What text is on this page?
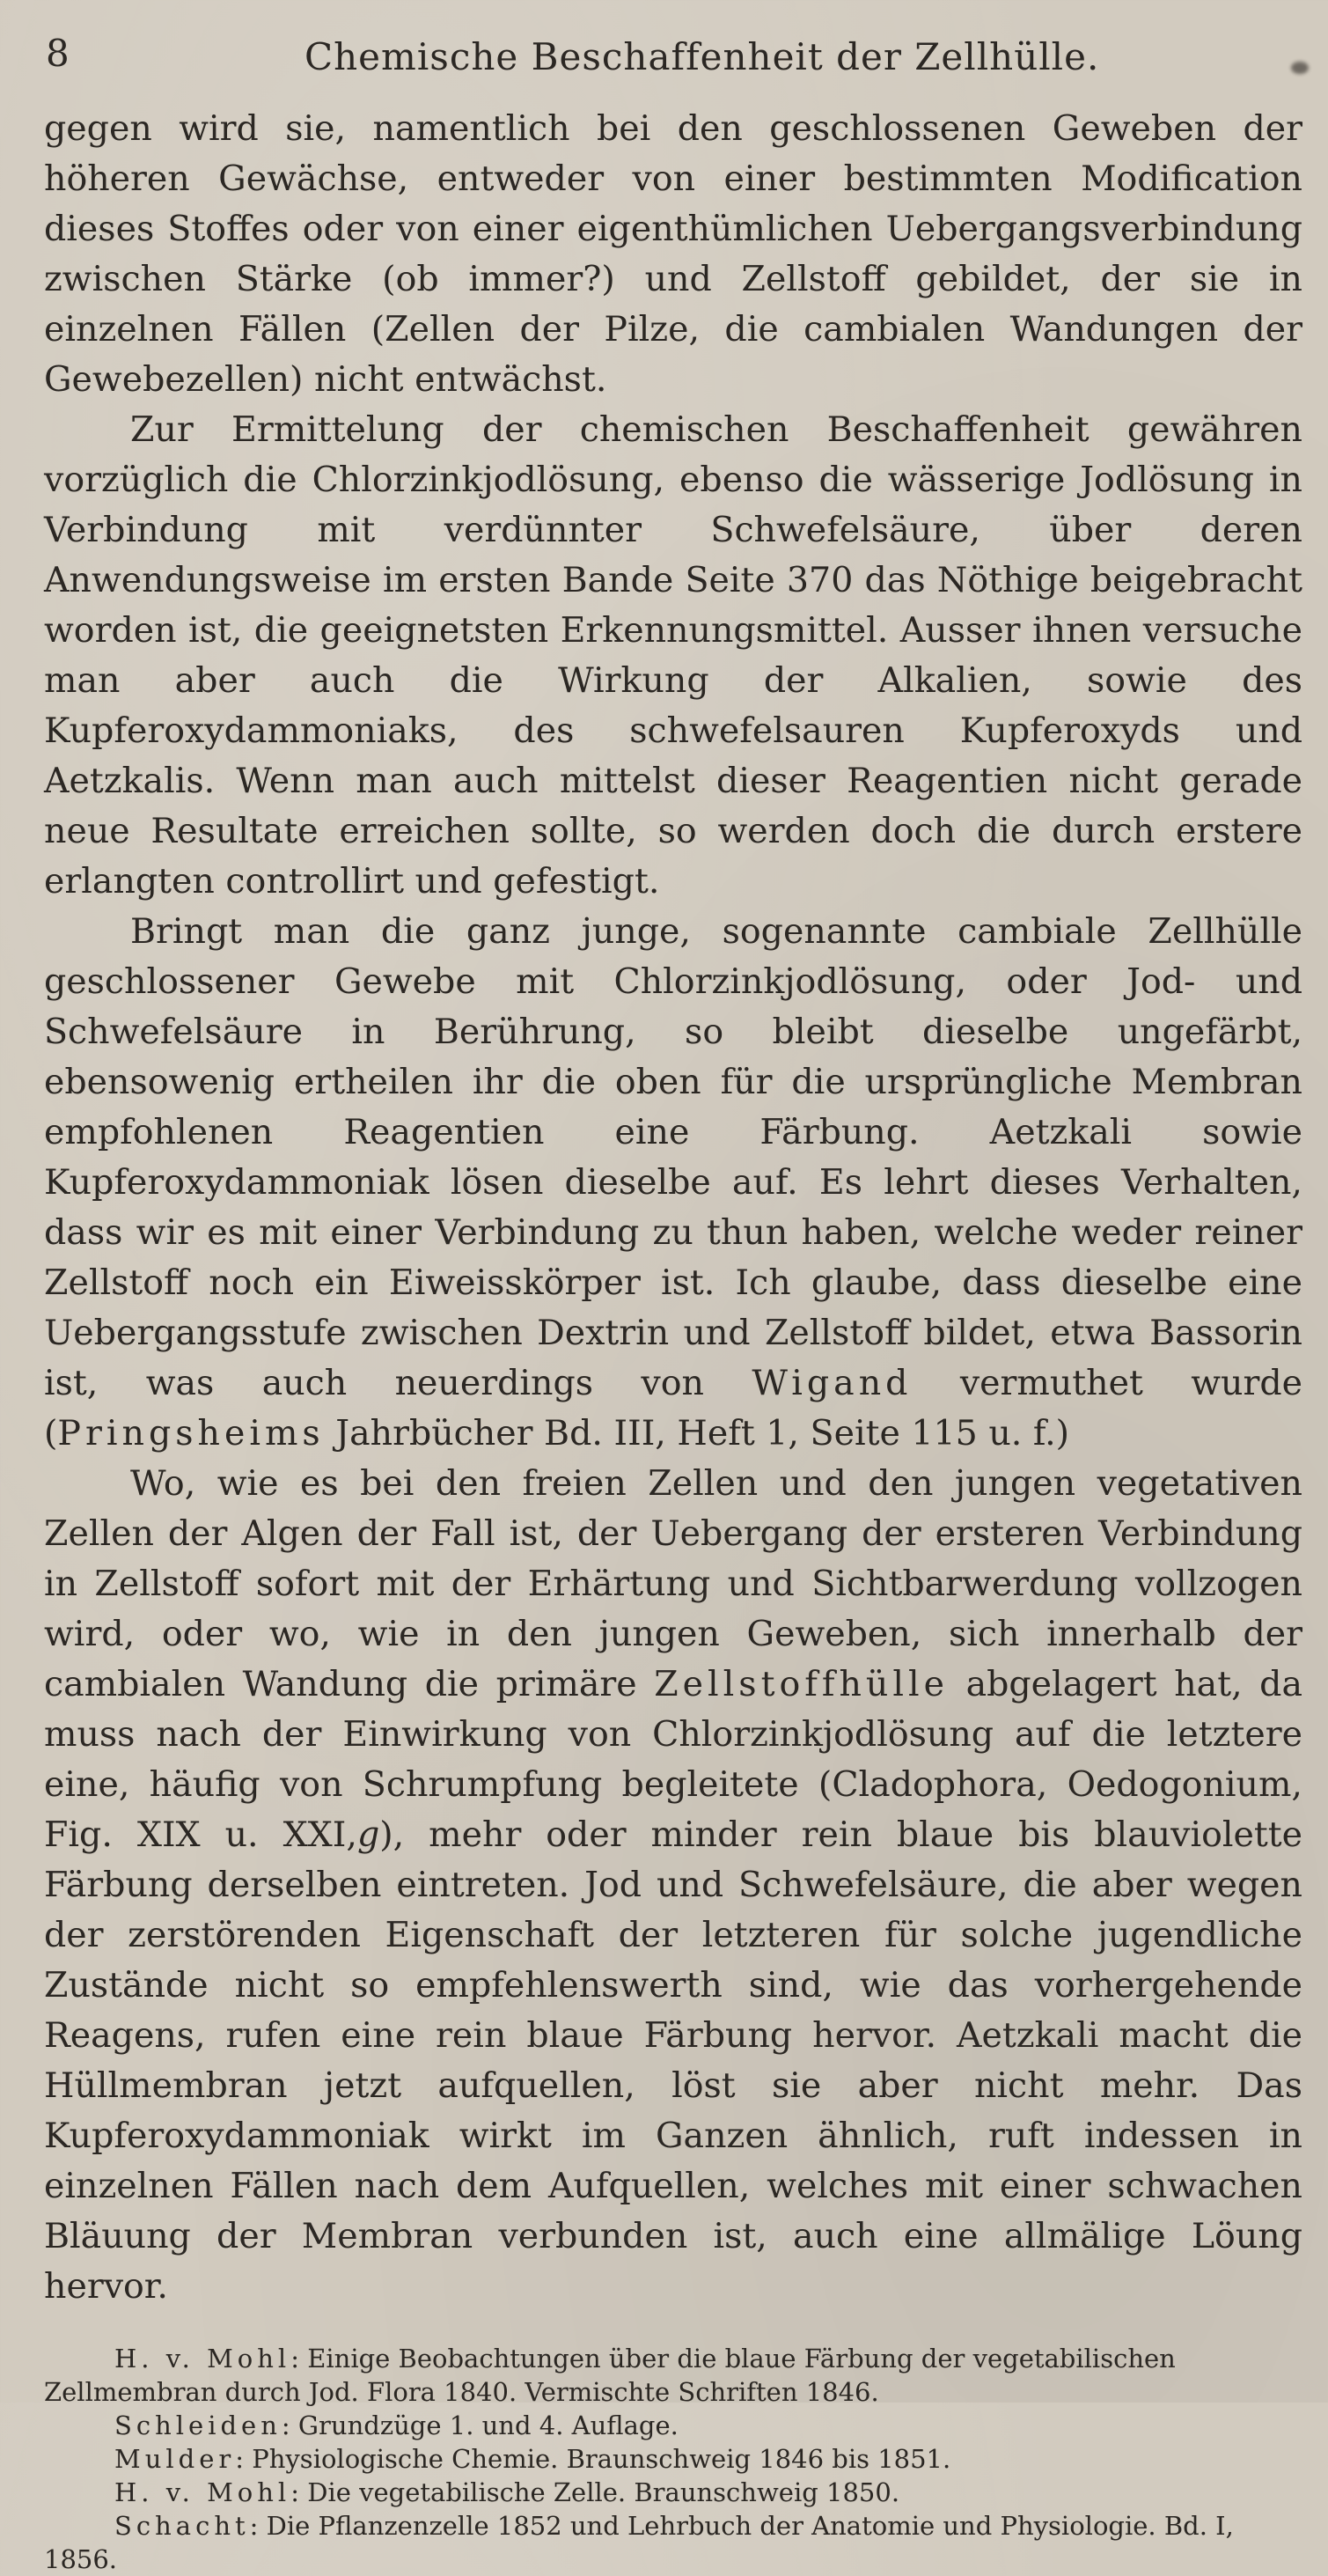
8	Chemische Beschaffenheit der Zellhülle.

gegen wird sie, namentlich bei den geschlossenen Geweben der höheren Gewächse, entweder von einer bestimmten Modification dieses Stoffes oder von einer eigenthümlichen Uebergangsverbindung zwischen Stärke (ob immer?) und Zellstoff gebildet, der sie in einzelnen Fällen (Zellen der Pilze, die cambialen Wandungen der Gewebezellen) nicht entwächst.

Zur Ermittelung der chemischen Beschaffenheit gewähren vorzüglich die Chlorzinkjodlösung, ebenso die wässerige Jodlösung in Verbindung mit verdünnter Schwefelsäure, über deren Anwendungsweise im ersten Bande Seite 370 das Nöthige beigebracht worden ist, die geeignetsten Erkennungsmittel. Ausser ihnen versuche man aber auch die Wirkung der Alkalien, sowie des Kupferoxydammoniaks, des schwefelsauren Kupferoxyds und Aetzkalis. Wenn man auch mittelst dieser Reagentien nicht gerade neue Resultate erreichen sollte, so werden doch die durch erstere erlangten controllirt und gefestigt.

Bringt man die ganz junge, sogenannte cambiale Zellhülle geschlossener Gewebe mit Chlorzinkjodlösung, oder Jod- und Schwefelsäure in Berührung, so bleibt dieselbe ungefärbt, ebensowenig ertheilen ihr die oben für die ursprüngliche Membran empfohlenen Reagentien eine Färbung. Aetzkali sowie Kupferoxydammoniak lösen dieselbe auf. Es lehrt dieses Verhalten, dass wir es mit einer Verbindung zu thun haben, welche weder reiner Zellstoff noch ein Eiweisskörper ist. Ich glaube, dass dieselbe eine Uebergangsstufe zwischen Dextrin und Zellstoff bildet, etwa Bassorin ist, was auch neuerdings von Wigand vermuthet wurde (Pringsheims Jahrbücher Bd. III, Heft 1, Seite 115 u. f.)

Wo, wie es bei den freien Zellen und den jungen vegetativen Zellen der Algen der Fall ist, der Uebergang der ersteren Verbindung in Zellstoff sofort mit der Erhärtung und Sichtbarwerdung vollzogen wird, oder wo, wie in den jungen Geweben, sich innerhalb der cambialen Wandung die primäre Zellstoffhülle abgelagert hat, da muss nach der Einwirkung von Chlorzinkjodlösung auf die letztere eine, häufig von Schrumpfung begleitete (Cladophora, Oedogonium, Fig. XIX u. XXI,g), mehr oder minder rein blaue bis blauviolette Färbung derselben eintreten. Jod und Schwefelsäure, die aber wegen der zerstörenden Eigenschaft der letzteren für solche jugendliche Zustände nicht so empfehlenswerth sind, wie das vorhergehende Reagens, rufen eine rein blaue Färbung hervor. Aetzkali macht die Hüllmembran jetzt aufquellen, löst sie aber nicht mehr. Das Kupferoxydammoniak wirkt im Ganzen ähnlich, ruft indessen in einzelnen Fällen nach dem Aufquellen, welches mit einer schwachen Bläuung der Membran verbunden ist, auch eine allmälige Löung hervor.

H. v. Mohl: Einige Beobachtungen über die blaue Färbung der vegetabilischen Zellmembran durch Jod. Flora 1840. Vermischte Schriften 1846.

Schleiden: Grundzüge 1. und 4. Auflage.

Mulder: Physiologische Chemie. Braunschweig 1846 bis 1851.

H. v. Mohl: Die vegetabilische Zelle. Braunschweig 1850.

Schacht: Die Pflanzenzelle 1852 und Lehrbuch der Anatomie und Physiologie. Bd. I, 1856.
